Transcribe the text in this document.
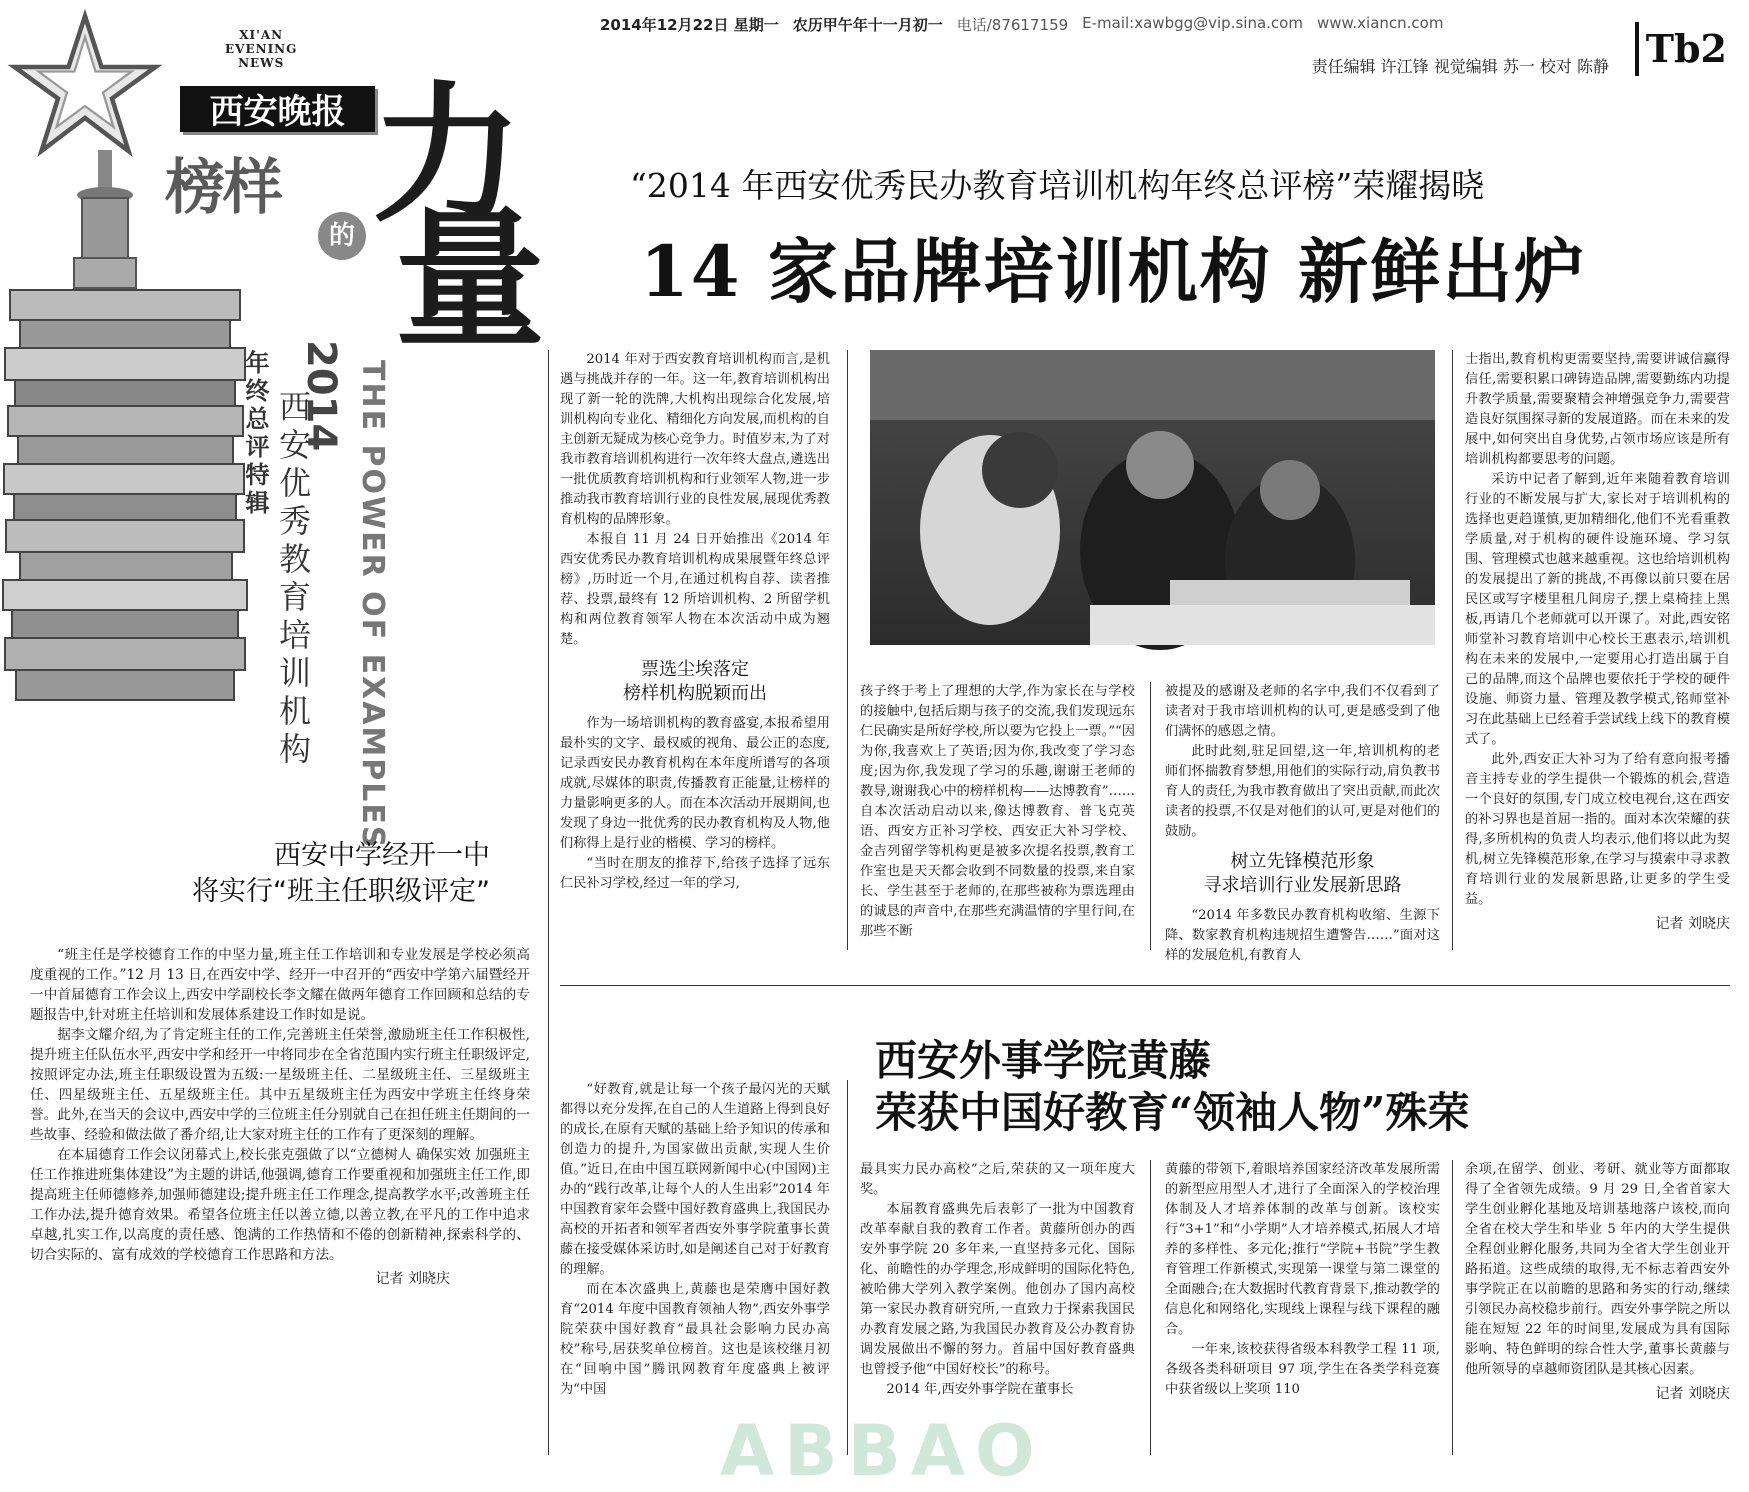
2014年12月22日 星期一 农历甲午年十一月初一 电话/87617159 E-mail:xawbgg@vip.sina.com www.xiancn.com
Tb2
责任编辑 许江锋 视觉编辑 苏一 校对 陈静
XI'AN
EVENING
NEWS
西安晚报
榜样 力
量
的
THE POWER OF EXAMPLES
2014
西安优秀教育培训机构
年终总评特辑
“2014 年西安优秀民办教育培训机构年终总评榜”荣耀揭晓
14 家品牌培训机构 新鲜出炉

2014 年对于西安教育培训机构而言,是机遇与挑战并存的一年。这一年,教育培训机构出现了新一轮的洗牌,大机构出现综合化发展,培训机构向专业化、精细化方向发展,而机构的自主创新无疑成为核心竞争力。时值岁末,为了对我市教育培训机构进行一次年终大盘点,遴选出一批优质教育培训机构和行业领军人物,进一步推动我市教育培训行业的良性发展,展现优秀教育机构的品牌形象。

本报自 11 月 24 日开始推出《2014 年西安优秀民办教育培训机构成果展暨年终总评榜》,历时近一个月,在通过机构自荐、读者推荐、投票,最终有 12 所培训机构、2 所留学机构和两位教育领军人物在本次活动中成为翘楚。

票选尘埃落定
榜样机构脱颖而出

作为一场培训机构的教育盛宴,本报希望用最朴实的文字、最权威的视角、最公正的态度,记录西安民办教育机构在本年度所谱写的各项成就,尽媒体的职责,传播教育正能量,让榜样的力量影响更多的人。而在本次活动开展期间,也发现了身边一批优秀的民办教育机构及人物,他们称得上是行业的楷模、学习的榜样。

“当时在朋友的推荐下,给孩子选择了远东仁民补习学校,经过一年的学习,

孩子终于考上了理想的大学,作为家长在与学校的接触中,包括后期与孩子的交流,我们发现远东仁民确实是所好学校,所以要为它投上一票。”“因为你,我喜欢上了英语;因为你,我改变了学习态度;因为你,我发现了学习的乐趣,谢谢王老师的教导,谢谢我心中的榜样机构——达博教育”……自本次活动启动以来,像达博教育、普飞克英语、西安方正补习学校、西安正大补习学校、金吉列留学等机构更是被多次提名投票,教育工作室也是天天都会收到不同数量的投票,来自家长、学生甚至于老师的,在那些被称为票选理由的诚恳的声音中,在那些充满温情的字里行间,在那些不断

被提及的感谢及老师的名字中,我们不仅看到了读者对于我市培训机构的认可,更是感受到了他们满怀的感恩之情。

此时此刻,驻足回望,这一年,培训机构的老师们怀揣教育梦想,用他们的实际行动,肩负教书育人的责任,为我市教育做出了突出贡献,而此次读者的投票,不仅是对他们的认可,更是对他们的鼓励。

树立先锋模范形象
寻求培训行业发展新思路

“2014 年多数民办教育机构收缩、生源下降、数家教育机构违规招生遭警告……”面对这样的发展危机,有教育人

士指出,教育机构更需要坚持,需要讲诚信赢得信任,需要积累口碑铸造品牌,需要勤练内功提升教学质量,需要聚精会神增强竞争力,需要营造良好氛围探寻新的发展道路。而在未来的发展中,如何突出自身优势,占领市场应该是所有培训机构都要思考的问题。

采访中记者了解到,近年来随着教育培训行业的不断发展与扩大,家长对于培训机构的选择也更趋谨慎,更加精细化,他们不光看重教学质量,对于机构的硬件设施环境、学习氛围、管理模式也越来越重视。这也给培训机构的发展提出了新的挑战,不再像以前只要在居民区或写字楼里租几间房子,摆上桌椅挂上黑板,再请几个老师就可以开课了。对此,西安铭师堂补习教育培训中心校长王惠表示,培训机构在未来的发展中,一定要用心打造出属于自己的品牌,而这个品牌也要依托于学校的硬件设施、师资力量、管理及教学模式,铭师堂补习在此基础上已经着手尝试线上线下的教育模式了。

此外,西安正大补习为了给有意向报考播音主持专业的学生提供一个锻炼的机会,营造一个良好的氛围,专门成立校电视台,这在西安的补习界也是首屈一指的。面对本次荣耀的获得,多所机构的负责人均表示,他们将以此为契机,树立先锋模范形象,在学习与摸索中寻求教育培训行业的发展新思路,让更多的学生受益。

记者 刘晓庆
西安中学经开一中
将实行“班主任职级评定”

“班主任是学校德育工作的中坚力量,班主任工作培训和专业发展是学校必须高度重视的工作。”12 月 13 日,在西安中学、经开一中召开的“西安中学第六届暨经开一中首届德育工作会议上,西安中学副校长李文耀在做两年德育工作回顾和总结的专题报告中,针对班主任培训和发展体系建设工作时如是说。

据李文耀介绍,为了肯定班主任的工作,完善班主任荣誉,激励班主任工作积极性,提升班主任队伍水平,西安中学和经开一中将同步在全省范围内实行班主任职级评定,按照评定办法,班主任职级设置为五级:一星级班主任、二星级班主任、三星级班主任、四星级班主任、五星级班主任。其中五星级班主任为西安中学班主任终身荣誉。此外,在当天的会议中,西安中学的三位班主任分别就自己在担任班主任期间的一些故事、经验和做法做了番介绍,让大家对班主任的工作有了更深刻的理解。

在本届德育工作会议闭幕式上,校长张克强做了以“立德树人 确保实效 加强班主任工作推进班集体建设”为主题的讲话,他强调,德育工作要重视和加强班主任工作,即提高班主任师德修养,加强师德建设;提升班主任工作理念,提高教学水平;改善班主任工作办法,提升德育效果。希望各位班主任以善立德,以善立教,在平凡的工作中追求卓越,扎实工作,以高度的责任感、饱满的工作热情和不倦的创新精神,探索科学的、切合实际的、富有成效的学校德育工作思路和方法。

记者 刘晓庆
西安外事学院黄藤
荣获中国好教育“领袖人物”殊荣

“好教育,就是让每一个孩子最闪光的天赋都得以充分发挥,在自己的人生道路上得到良好的成长,在原有天赋的基础上给予知识的传承和创造力的提升,为国家做出贡献,实现人生价值。”近日,在由中国互联网新闻中心(中国网)主办的“践行改革,让每个人的人生出彩”2014 年中国教育家年会暨中国好教育盛典上,我国民办高校的开拓者和领军者西安外事学院董事长黄藤在接受媒体采访时,如是阐述自己对于好教育的理解。

而在本次盛典上,黄藤也是荣膺中国好教育“2014 年度中国教育领袖人物”,西安外事学院荣获中国好教育“最具社会影响力民办高校”称号,居获奖单位榜首。这也是该校继月初在“回响中国”腾讯网教育年度盛典上被评为“中国

最具实力民办高校”之后,荣获的又一项年度大奖。

本届教育盛典先后表彰了一批为中国教育改革奉献自我的教育工作者。黄藤所创办的西安外事学院 20 多年来,一直坚持多元化、国际化、前瞻性的办学理念,形成鲜明的国际化特色,被哈佛大学列入教学案例。他创办了国内高校第一家民办教育研究所,一直致力于探索我国民办教育发展之路,为我国民办教育及公办教育协调发展做出不懈的努力。首届中国好教育盛典也曾授予他“中国好校长”的称号。

2014 年,西安外事学院在董事长

黄藤的带领下,着眼培养国家经济改革发展所需的新型应用型人才,进行了全面深入的学校治理体制及人才培养体制的改革与创新。该校实行“3+1”和“小学期”人才培养模式,拓展人才培养的多样性、多元化;推行“学院+书院”学生教育管理工作新模式,实现第一课堂与第二课堂的全面融合;在大数据时代教育背景下,推动教学的信息化和网络化,实现线上课程与线下课程的融合。

一年来,该校获得省级本科教学工程 11 项,各级各类科研项目 97 项,学生在各类学科竞赛中获省级以上奖项 110

余项,在留学、创业、考研、就业等方面都取得了全省领先成绩。9 月 29 日,全省首家大学生创业孵化基地及培训基地落户该校,而向全省在校大学生和毕业 5 年内的大学生提供全程创业孵化服务,共同为全省大学生创业开路拓道。这些成绩的取得,无不标志着西安外事学院正在以前瞻的思路和务实的行动,继续引领民办高校稳步前行。西安外事学院之所以能在短短 22 年的时间里,发展成为具有国际影响、特色鲜明的综合性大学,董事长黄藤与他所领导的卓越师资团队是其核心因素。

记者 刘晓庆
ABBAO
